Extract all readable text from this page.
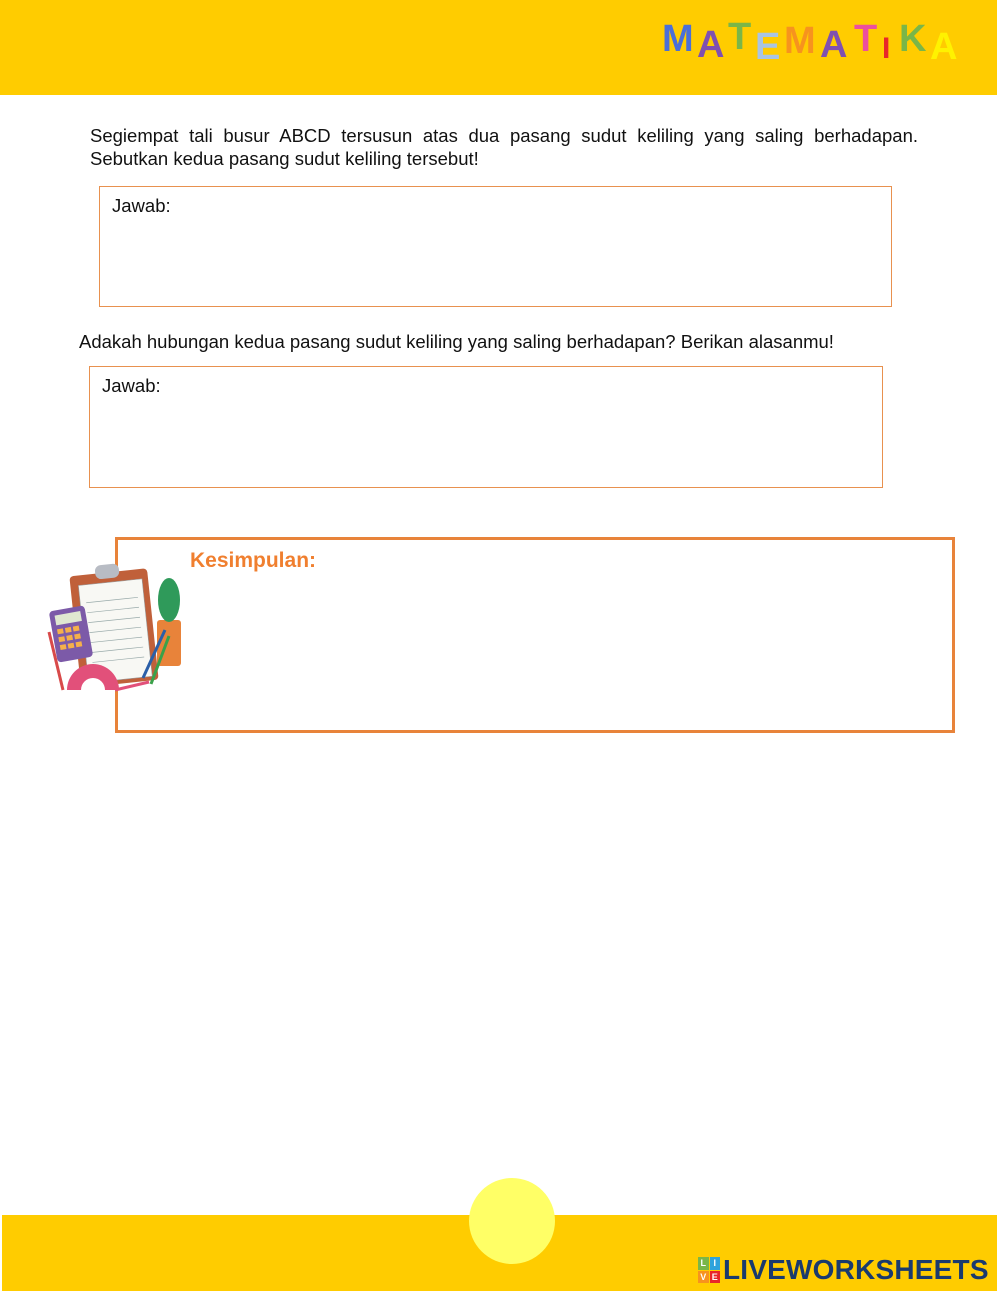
M A T E M A T I K A
Segiempat tali busur ABCD tersusun atas dua pasang sudut keliling yang saling berhadapan.
Sebutkan kedua pasang sudut keliling tersebut!
Jawab:
Adakah hubungan kedua pasang sudut keliling yang saling berhadapan? Berikan alasanmu!
Jawab:
Kesimpulan:
L I
V E LIVEWORKSHEETS
